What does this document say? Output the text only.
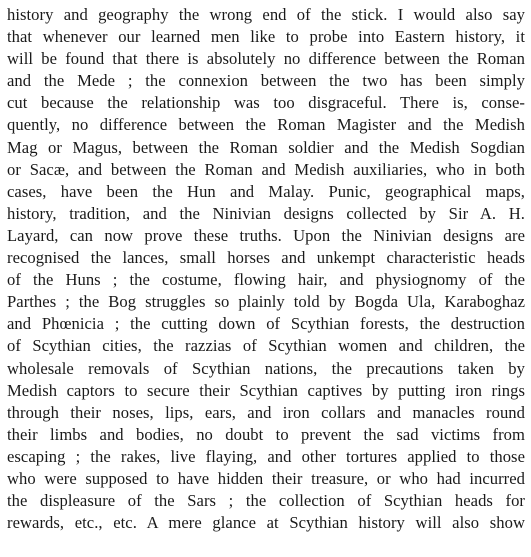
history and geography the wrong end of the stick. I would also say
that whenever our learned men like to probe into Eastern history, it
will be found that there is absolutely no difference between the Roman
and the Mede ; the connexion between the two has been simply
cut because the relationship was too disgraceful. There is, conse-
quently, no difference between the Roman Magister and the Medish
Mag or Magus, between the Roman soldier and the Medish Sogdian
or Sacæ, and between the Roman and Medish auxiliaries, who in both
cases, have been the Hun and Malay. Punic, geographical maps,
history, tradition, and the Ninivian designs collected by Sir A. H.
Layard, can now prove these truths. Upon the Ninivian designs are
recognised the lances, small horses and unkempt characteristic heads
of the Huns ; the costume, flowing hair, and physiognomy of the
Parthes ; the Bog struggles so plainly told by Bogda Ula, Karaboghaz
and Phœnicia ; the cutting down of Scythian forests, the destruction
of Scythian cities, the razzias of Scythian women and children, the
wholesale removals of Scythian nations, the precautions taken by
Medish captors to secure their Scythian captives by putting iron rings
through their noses, lips, ears, and iron collars and manacles round
their limbs and bodies, no doubt to prevent the sad victims from
escaping ; the rakes, live flaying, and other tortures applied to those
who were supposed to have hidden their treasure, or who had incurred
the displeasure of the Sars ; the collection of Scythian heads for
rewards, etc., etc. A mere glance at Scythian history will also show
